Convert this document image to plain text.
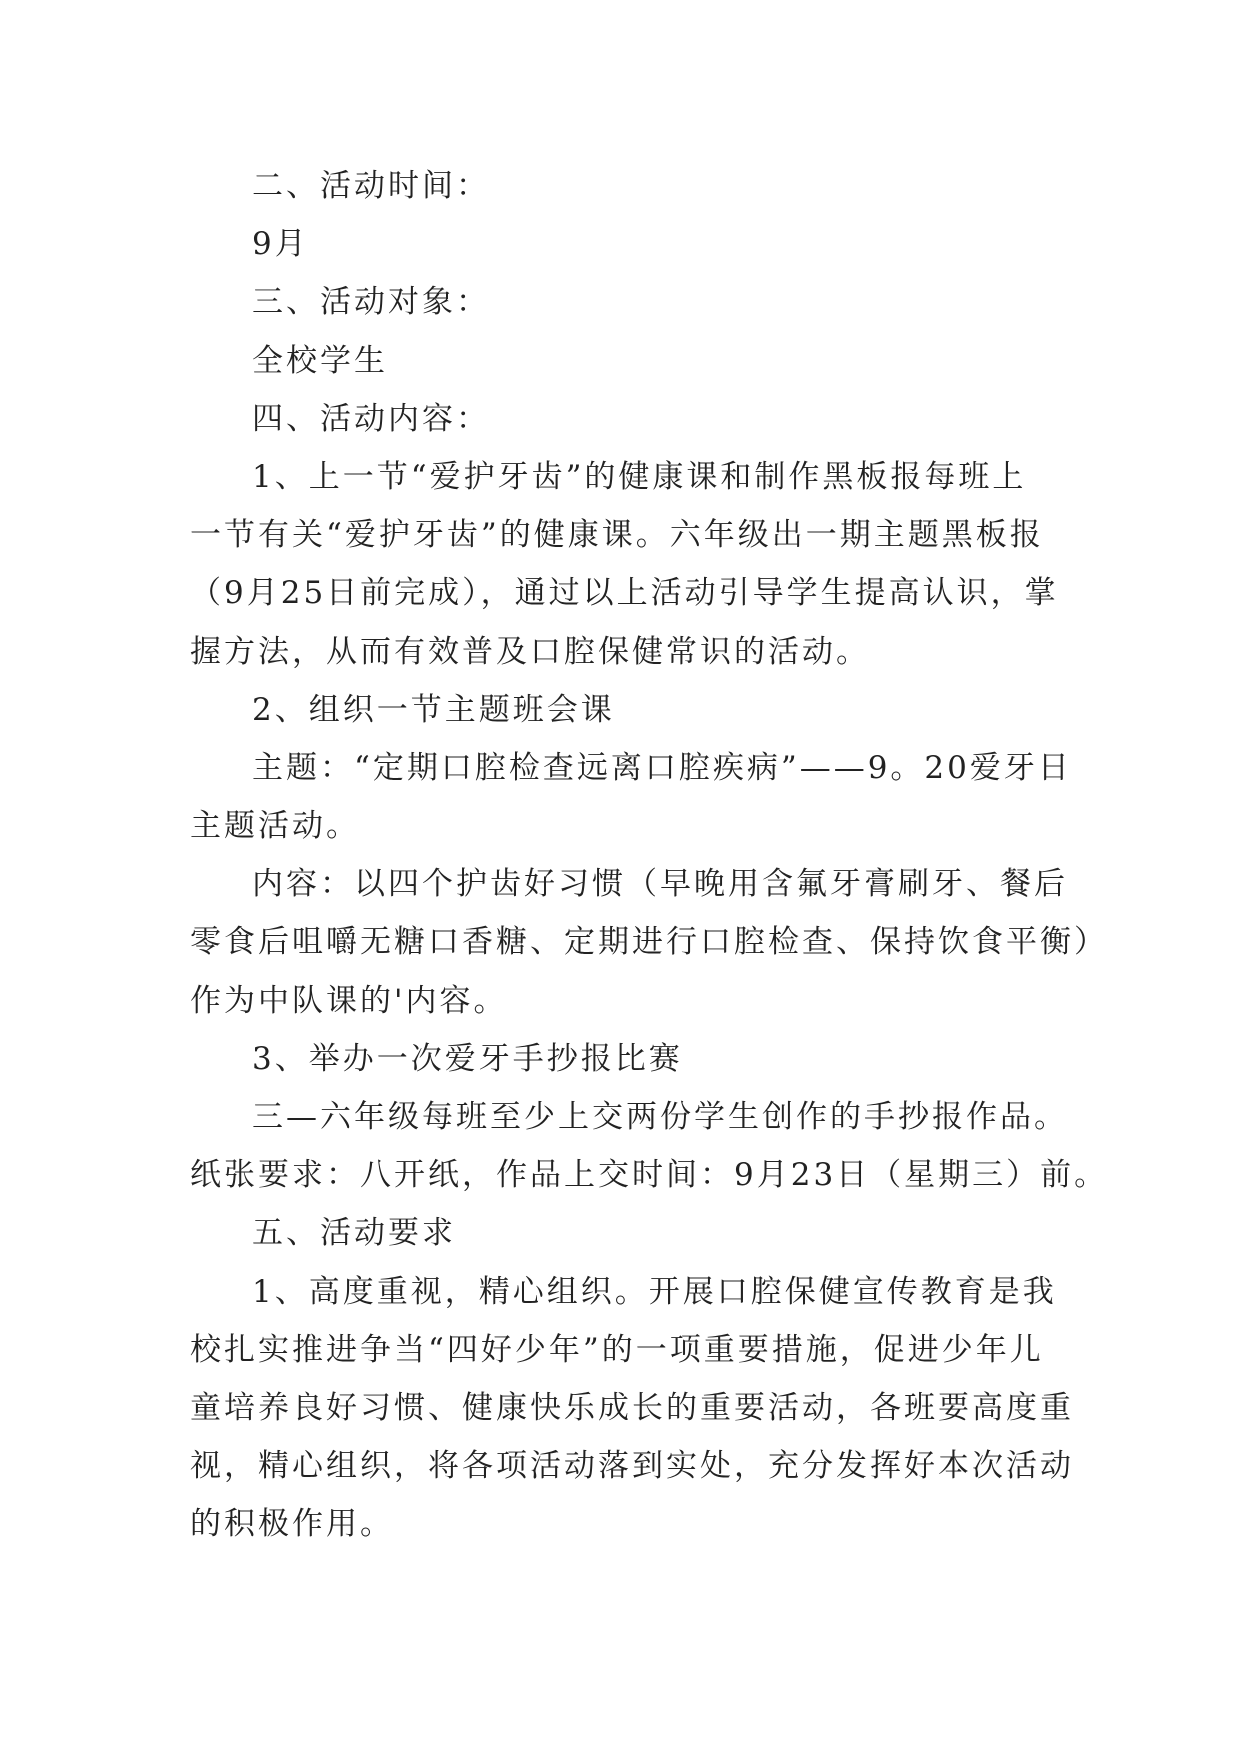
二、活动时间：
9月
三、活动对象：
全校学生
四、活动内容：
1、上一节“爱护牙齿”的健康课和制作黑板报每班上
一节有关“爱护牙齿”的健康课。六年级出一期主题黑板报
（9月25日前完成），通过以上活动引导学生提高认识，掌
握方法，从而有效普及口腔保健常识的活动。
2、组织一节主题班会课
主题：“定期口腔检查远离口腔疾病”——9。20爱牙日
主题活动。
内容：以四个护齿好习惯（早晚用含氟牙膏刷牙、餐后
零食后咀嚼无糖口香糖、定期进行口腔检查、保持饮食平衡）
作为中队课的'内容。
3、举办一次爱牙手抄报比赛
三—六年级每班至少上交两份学生创作的手抄报作品。
纸张要求：八开纸，作品上交时间：9月23日（星期三）前。
五、活动要求
1、高度重视，精心组织。开展口腔保健宣传教育是我
校扎实推进争当“四好少年”的一项重要措施，促进少年儿
童培养良好习惯、健康快乐成长的重要活动，各班要高度重
视，精心组织，将各项活动落到实处，充分发挥好本次活动
的积极作用。
